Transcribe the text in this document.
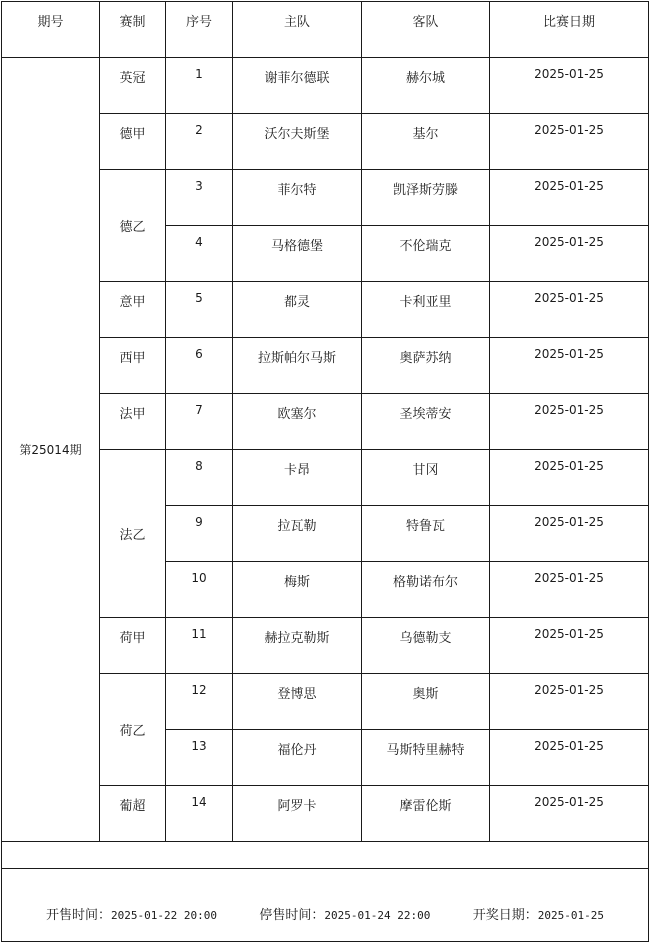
期号	赛制	序号	主队	客队	比赛日期
第25014期	英冠	1	谢菲尔德联	赫尔城	2025-01-25
	德甲	2	沃尔夫斯堡	基尔	2025-01-25
	德乙	3	菲尔特	凯泽斯劳滕	2025-01-25
		4	马格德堡	不伦瑞克	2025-01-25
	意甲	5	都灵	卡利亚里	2025-01-25
	西甲	6	拉斯帕尔马斯	奥萨苏纳	2025-01-25
	法甲	7	欧塞尔	圣埃蒂安	2025-01-25
	法乙	8	卡昂	甘冈	2025-01-25
		9	拉瓦勒	特鲁瓦	2025-01-25
		10	梅斯	格勒诺布尔	2025-01-25
	荷甲	11	赫拉克勒斯	乌德勒支	2025-01-25
	荷乙	12	登博思	奥斯	2025-01-25
		13	福伦丹	马斯特里赫特	2025-01-25
	葡超	14	阿罗卡	摩雷伦斯	2025-01-25

开售时间：2025-01-22 20:00 停售时间：2025-01-24 22:00 开奖日期：2025-01-25					
